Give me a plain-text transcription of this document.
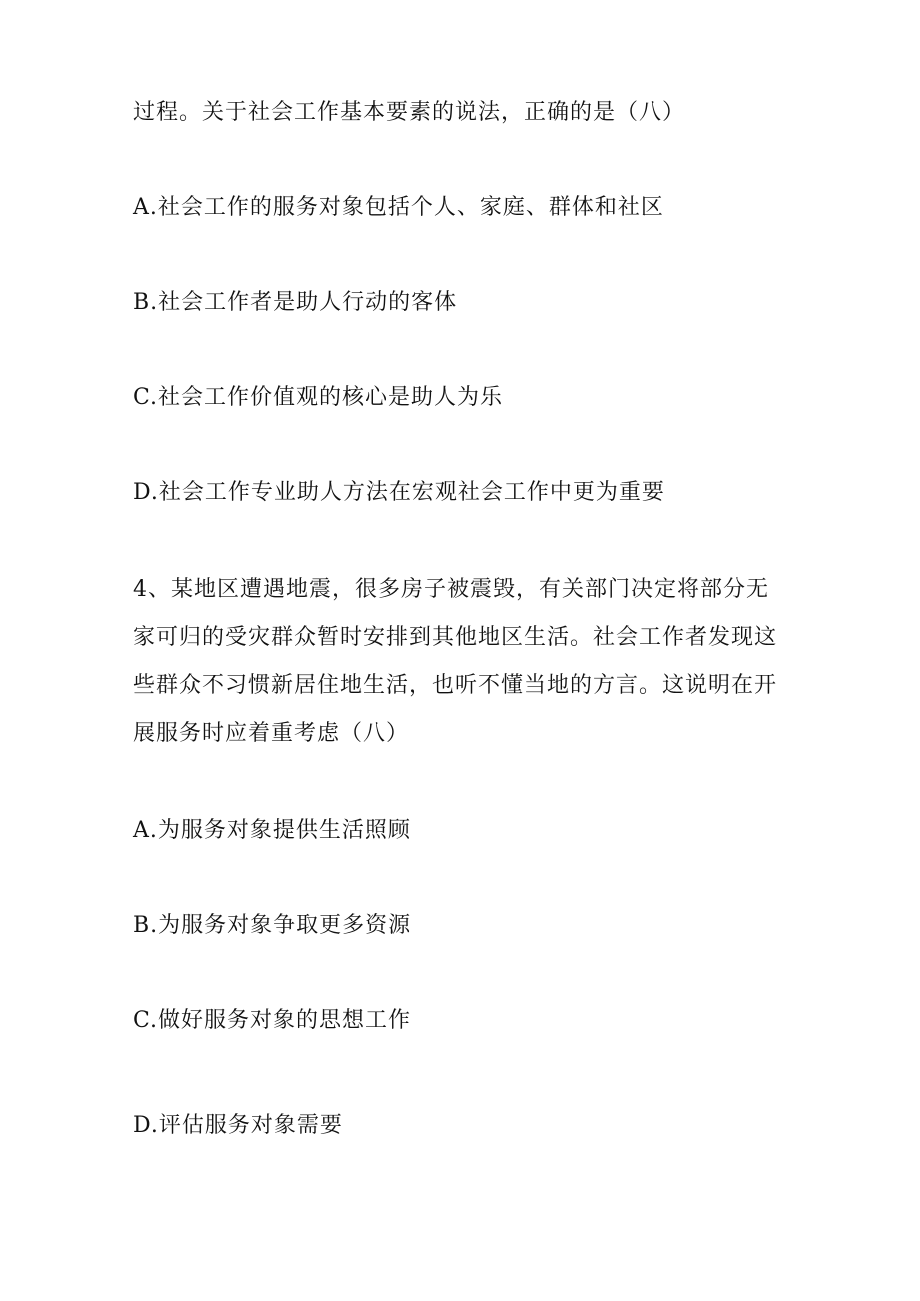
过程。关于社会工作基本要素的说法，正确的是（八）
A.社会工作的服务对象包括个人、家庭、群体和社区
B.社会工作者是助人行动的客体
C.社会工作价值观的核心是助人为乐
D.社会工作专业助人方法在宏观社会工作中更为重要
4、某地区遭遇地震，很多房子被震毁，有关部门决定将部分无家可归的受灾群众暂时安排到其他地区生活。社会工作者发现这些群众不习惯新居住地生活，也听不懂当地的方言。这说明在开展服务时应着重考虑（八）
A.为服务对象提供生活照顾
B.为服务对象争取更多资源
C.做好服务对象的思想工作
D.评估服务对象需要
